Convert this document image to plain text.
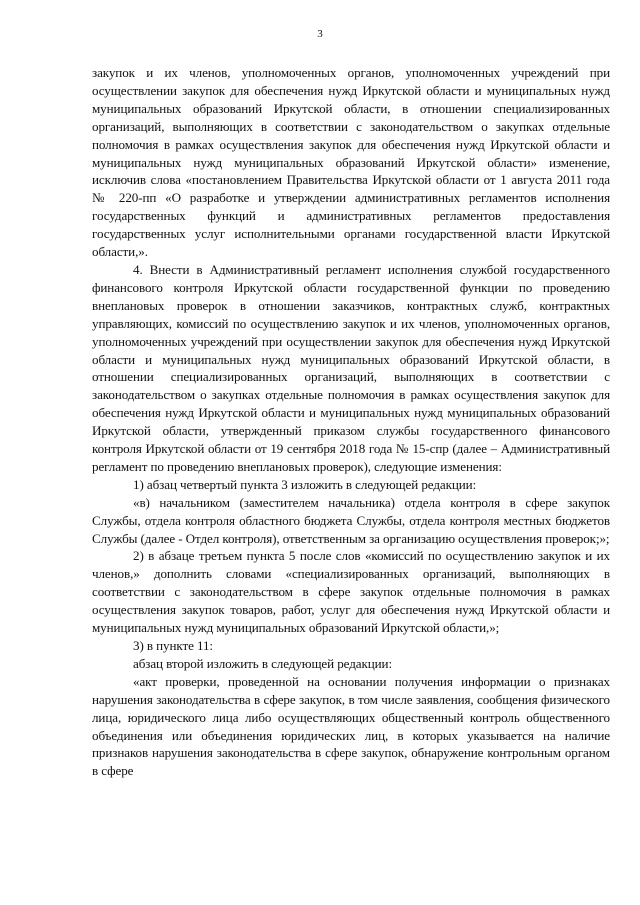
3

закупок и их членов, уполномоченных органов, уполномоченных учреждений при осуществлении закупок для обеспечения нужд Иркутской области и муниципальных нужд муниципальных образований Иркутской области, в отношении специализированных организаций, выполняющих в соответствии с законодательством о закупках отдельные полномочия в рамках осуществления закупок для обеспечения нужд Иркутской области и муниципальных нужд муниципальных образований Иркутской области» изменение, исключив слова «постановлением Правительства Иркутской области от 1 августа 2011 года № 220-пп «О разработке и утверждении административных регламентов исполнения государственных функций и административных регламентов предоставления государственных услуг исполнительными органами государственной власти Иркутской области,».

4. Внести в Административный регламент исполнения службой государственного финансового контроля Иркутской области государственной функции по проведению внеплановых проверок в отношении заказчиков, контрактных служб, контрактных управляющих, комиссий по осуществлению закупок и их членов, уполномоченных органов, уполномоченных учреждений при осуществлении закупок для обеспечения нужд Иркутской области и муниципальных нужд муниципальных образований Иркутской области, в отношении специализированных организаций, выполняющих в соответствии с законодательством о закупках отдельные полномочия в рамках осуществления закупок для обеспечения нужд Иркутской области и муниципальных нужд муниципальных образований Иркутской области, утвержденный приказом службы государственного финансового контроля Иркутской области от 19 сентября 2018 года № 15-спр (далее – Административный регламент по проведению внеплановых проверок), следующие изменения:

1) абзац четвертый пункта 3 изложить в следующей редакции:

«в) начальником (заместителем начальника) отдела контроля в сфере закупок Службы, отдела контроля областного бюджета Службы, отдела контроля местных бюджетов Службы (далее - Отдел контроля), ответственным за организацию осуществления проверок;»;

2) в абзаце третьем пункта 5 после слов «комиссий по осуществлению закупок и их членов,» дополнить словами «специализированных организаций, выполняющих в соответствии с законодательством в сфере закупок отдельные полномочия в рамках осуществления закупок товаров, работ, услуг для обеспечения нужд Иркутской области и муниципальных нужд муниципальных образований Иркутской области,»;

3) в пункте 11:

абзац второй изложить в следующей редакции:

«акт проверки, проведенной на основании получения информации о признаках нарушения законодательства в сфере закупок, в том числе заявления, сообщения физического лица, юридического лица либо осуществляющих общественный контроль общественного объединения или объединения юридических лиц, в которых указывается на наличие признаков нарушения законодательства в сфере закупок, обнаружение контрольным органом в сфере
